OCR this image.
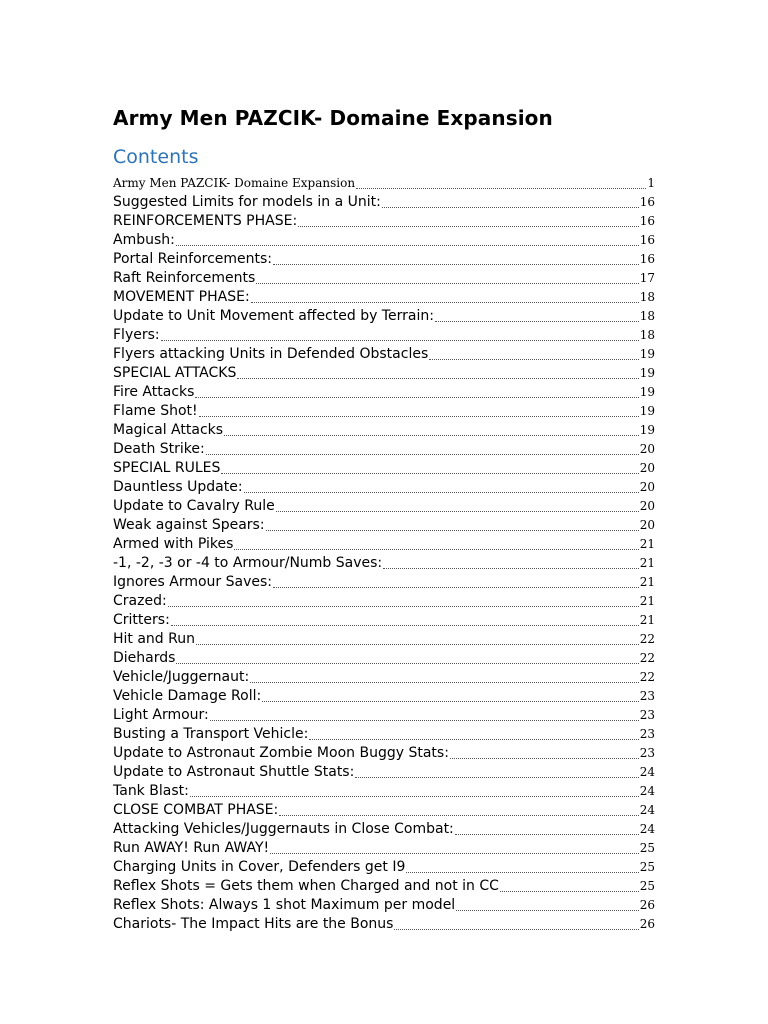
Army Men PAZCIK- Domaine Expansion
Contents
Army Men PAZCIK- Domaine Expansion	1
Suggested Limits for models in a Unit:	16
REINFORCEMENTS PHASE:	16
Ambush:	16
Portal Reinforcements:	16
Raft Reinforcements	17
MOVEMENT PHASE:	18
Update to Unit Movement affected by Terrain:	18
Flyers:	18
Flyers attacking Units in Defended Obstacles	19
SPECIAL ATTACKS	19
Fire Attacks	19
Flame Shot!	19
Magical Attacks	19
Death Strike:	20
SPECIAL RULES	20
Dauntless Update:	20
Update to Cavalry Rule	20
Weak against Spears:	20
Armed with Pikes	21
-1, -2, -3 or -4 to Armour/Numb Saves:	21
Ignores Armour Saves:	21
Crazed:	21
Critters:	21
Hit and Run	22
Diehards	22
Vehicle/Juggernaut:	22
Vehicle Damage Roll:	23
Light Armour:	23
Busting a Transport Vehicle:	23
Update to Astronaut Zombie Moon Buggy Stats:	23
Update to Astronaut Shuttle Stats:	24
Tank Blast:	24
CLOSE COMBAT PHASE:	24
Attacking Vehicles/Juggernauts in Close Combat:	24
Run AWAY! Run AWAY!	25
Charging Units in Cover, Defenders get I9	25
Reflex Shots = Gets them when Charged and not in CC	25
Reflex Shots: Always 1 shot Maximum per model	26
Chariots- The Impact Hits are the Bonus	26
